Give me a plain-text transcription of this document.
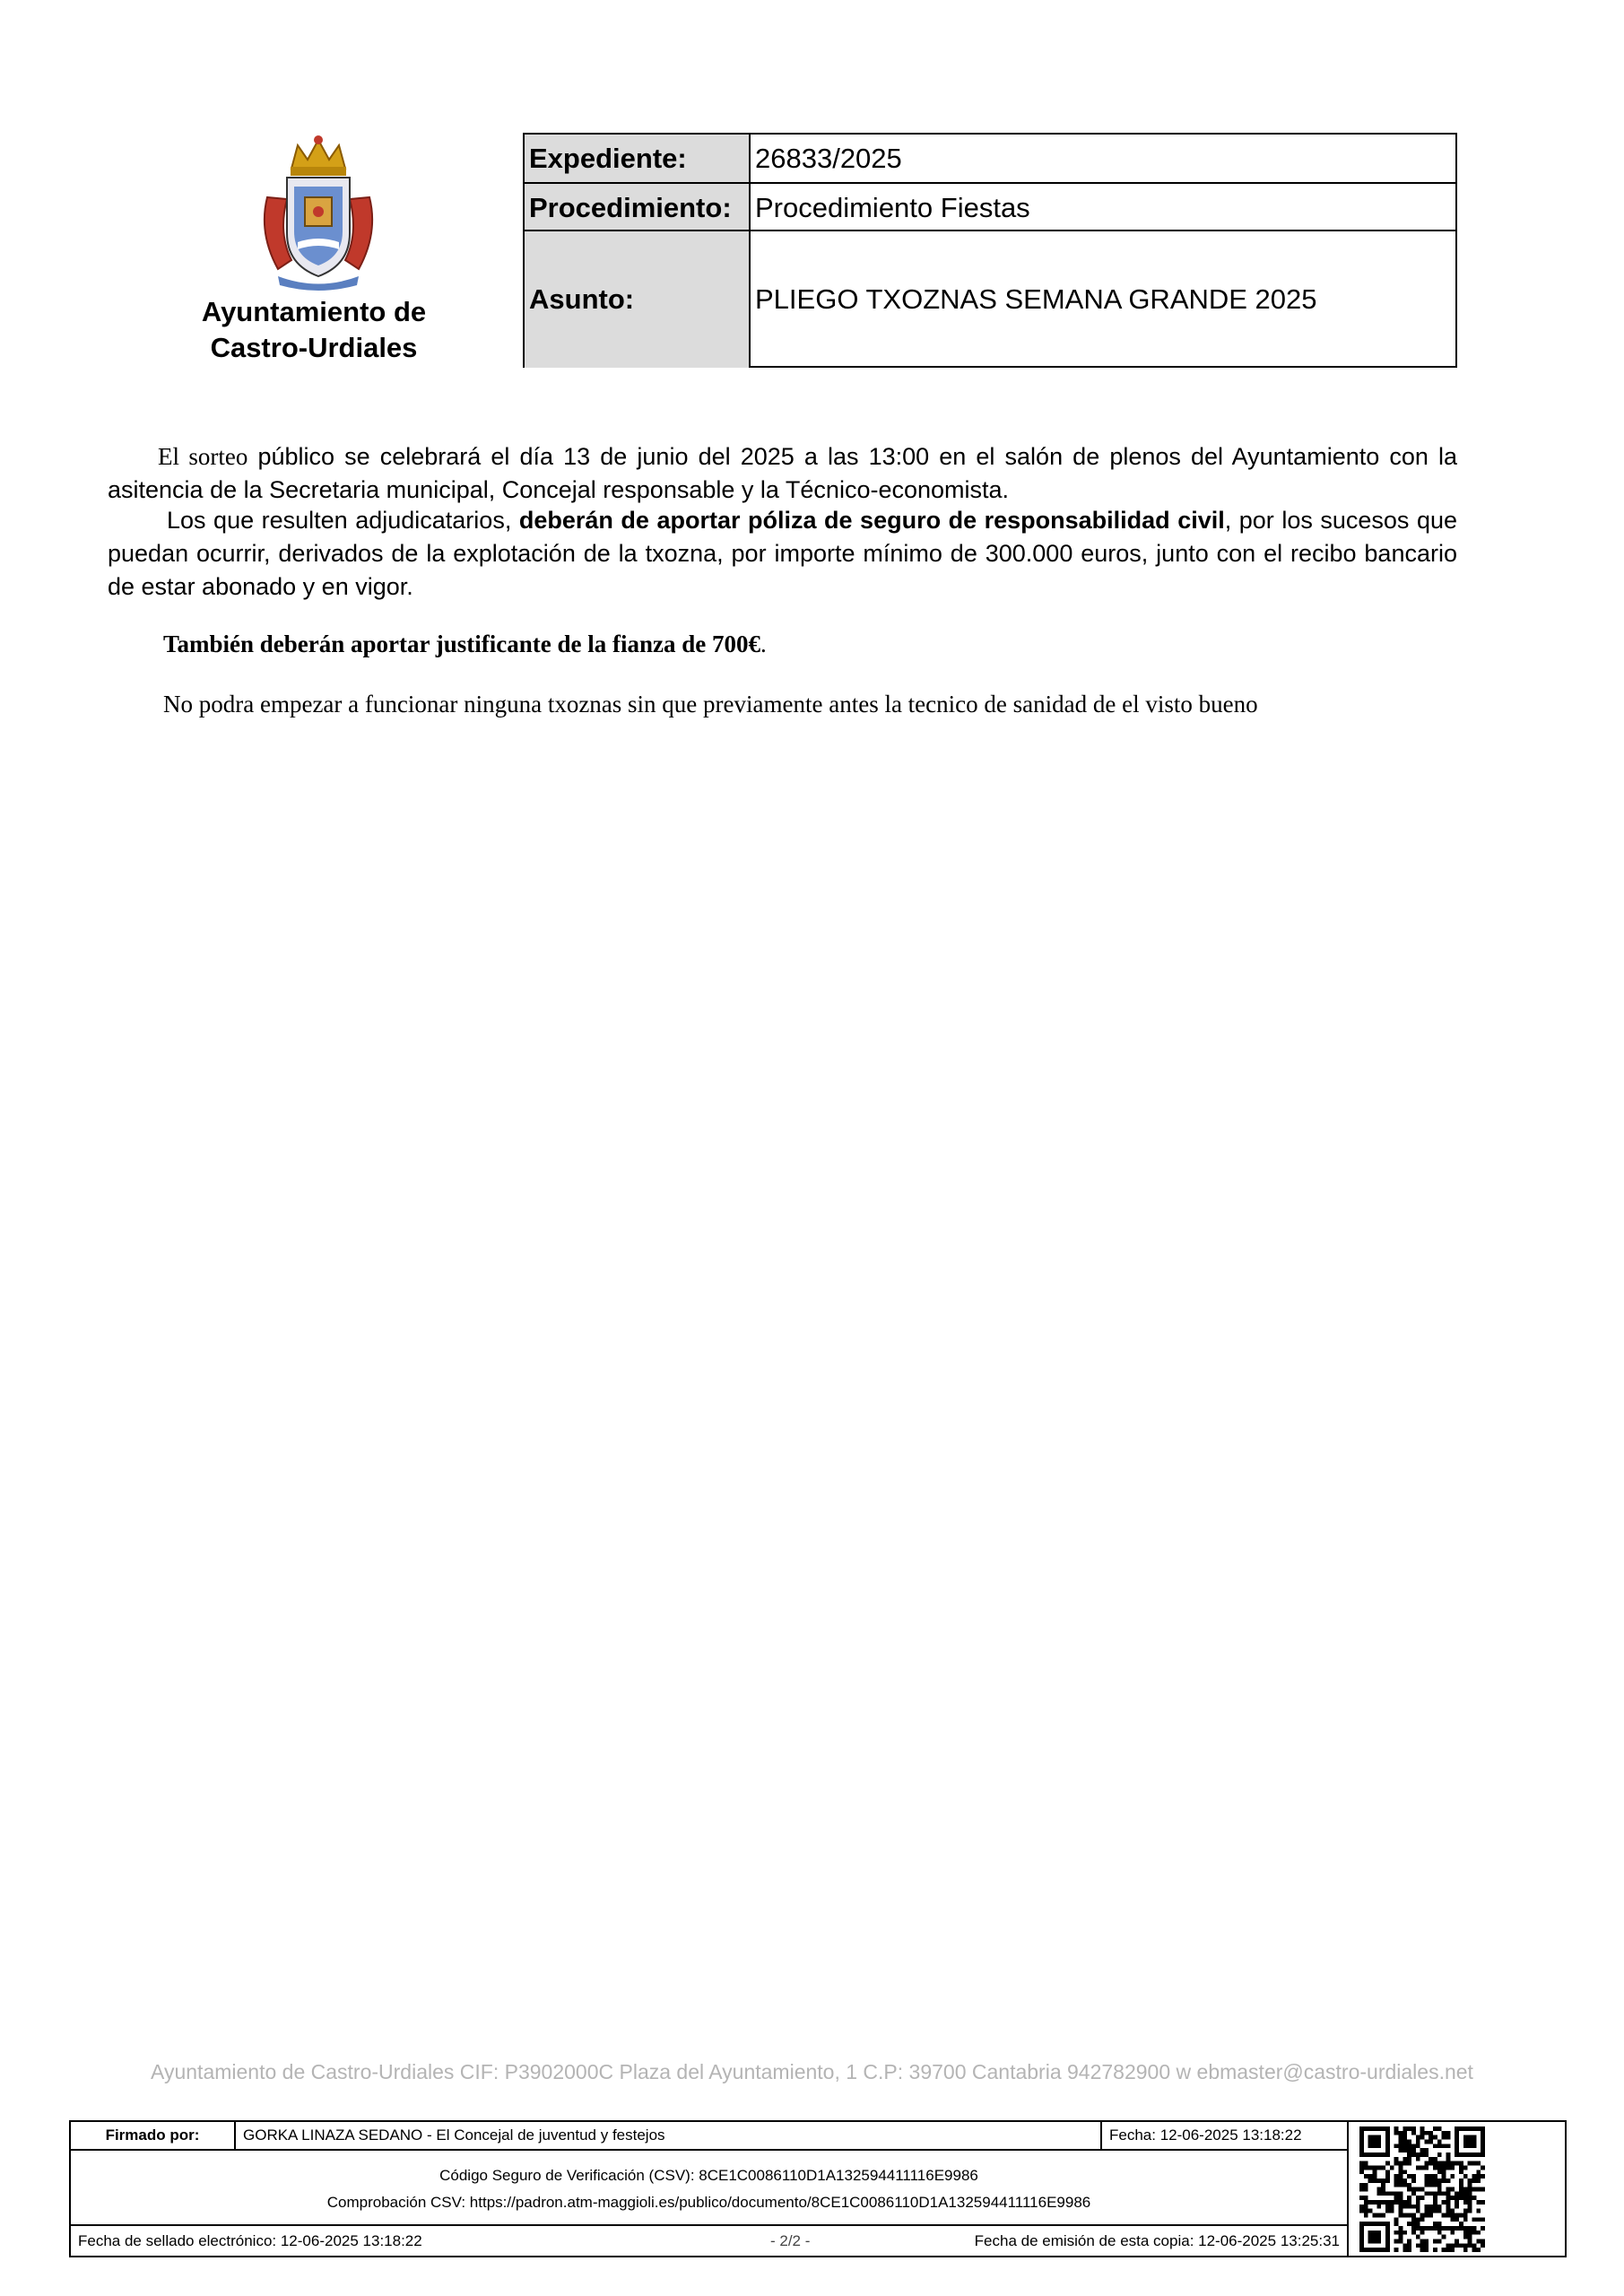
Ayuntamiento de
Castro-Urdiales
Expediente:	26833/2025
Procedimiento: Procedimiento Fiestas
Asunto:	PLIEGO TXOZNAS SEMANA GRANDE 2025
El sorteo público se celebrará el día 13 de junio del 2025 a las 13:00 en el salón de plenos del Ayuntamiento con la asitencia de la Secretaria municipal, Concejal responsable y la Técnico-economista.
Los que resulten adjudicatarios, deberán de aportar póliza de seguro de responsabilidad civil, por los sucesos que puedan ocurrir, derivados de la explotación de la txozna, por importe mínimo de 300.000 euros, junto con el recibo bancario de estar abonado y en vigor.
También deberán aportar justificante de la fianza de 700€.
No podra empezar a funcionar ninguna txoznas sin que previamente antes la tecnico de sanidad de el visto bueno
Ayuntamiento de Castro-Urdiales CIF: P3902000C Plaza del Ayuntamiento, 1 C.P: 39700 Cantabria 942782900 w ebmaster@castro-urdiales.net
Firmado por:	GORKA LINAZA SEDANO - El Concejal de juventud y festejos	Fecha: 12-06-2025 13:18:22
Código Seguro de Verificación (CSV): 8CE1C0086110D1A132594411116E9986
Comprobación CSV: https://padron.atm-maggioli.es/publico/documento/8CE1C0086110D1A132594411116E9986
Fecha de sellado electrónico: 12-06-2025 13:18:22	- 2/2 -	Fecha de emisión de esta copia: 12-06-2025 13:25:31
